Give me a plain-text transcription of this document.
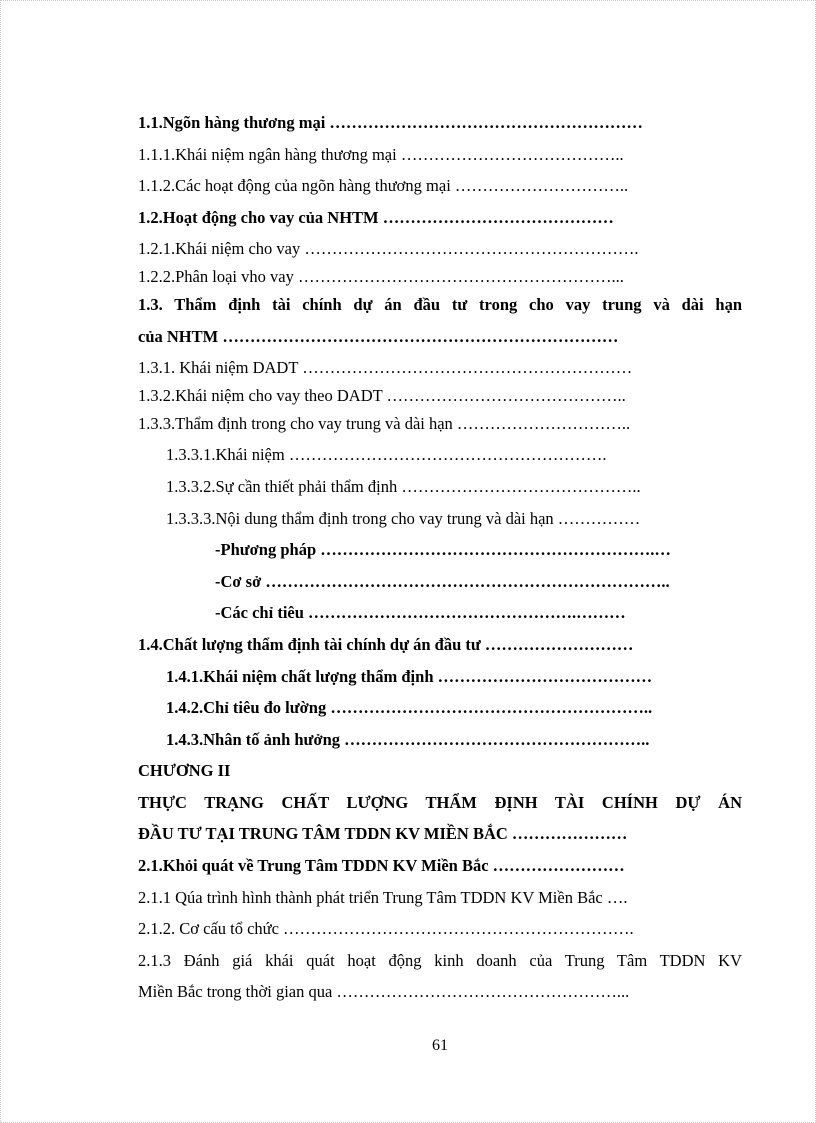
1.1.Ngõn hàng thương mại …………………………………………………
1.1.1.Khái niệm ngân hàng thương mại …………………………………..
1.1.2.Các hoạt động của ngõn hàng thương mại …………………………..
1.2.Hoạt động cho vay của NHTM ……………………………………
1.2.1.Khái niệm cho vay …………………………………………………….
1.2.2.Phân loại vho vay …………………………………………………...
1.3. Thẩm định tài chính dự án đầu tư trong cho vay trung và dài hạn
của NHTM ………………………………………………………………
1.3.1. Khái niệm DADT ……………………………………………………
1.3.2.Khái niệm cho vay theo DADT ……………………………………..
1.3.3.Thẩm định trong cho vay trung và dài hạn …………………………..
1.3.3.1.Khái niệm ………………………………………………….
1.3.3.2.Sự cần thiết phải thẩm định ……………………………………..
1.3.3.3.Nội dung thẩm định trong cho vay trung và dài hạn ……………
-Phương pháp …………………………………………………….…
-Cơ sở ………………………………………………………………..
-Các chỉ tiêu ………………………………………….………
1.4.Chất lượng thẩm định tài chính dự án đầu tư ………………………
1.4.1.Khái niệm chất lượng thẩm định …………………………………
1.4.2.Chỉ tiêu đo lường …………………………………………………..
1.4.3.Nhân tố ảnh hưởng ………………………………………………..
CHƯƠNG II
THỰC TRẠNG CHẤT LƯỢNG THẨM ĐỊNH TÀI CHÍNH DỰ ÁN
ĐẦU TƯ TẠI TRUNG TÂM TDDN KV MIỀN BẮC …………………
2.1.Khỏi quát về Trung Tâm TDDN KV Miền Bắc ……………………
2.1.1 Qúa trình hình thành phát triển Trung Tâm TDDN KV Miền Bắc ….
2.1.2. Cơ cấu tổ chức ……………………………………………………….
2.1.3 Đánh giá khái quát hoạt động kinh doanh của Trung Tâm TDDN KV
Miền Bắc trong thời gian qua ……………………………………………...
61
